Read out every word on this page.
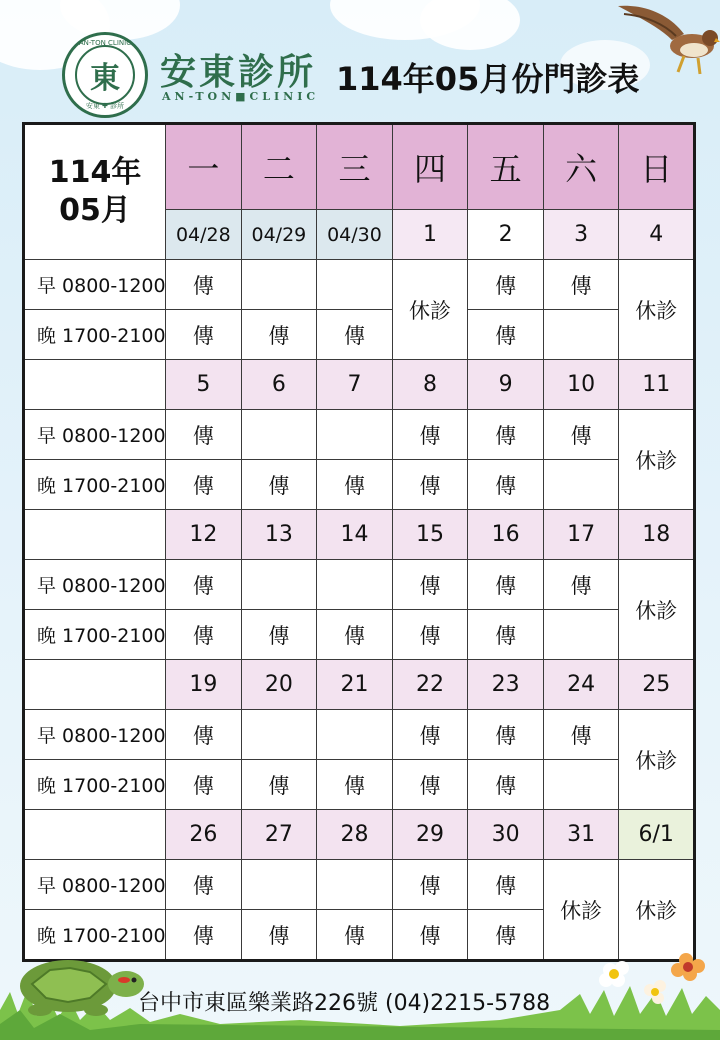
AN-TON CLINIC
東
安東 ✚ 診所
安東診所
AN-TON■CLINIC 114年05月份門診表
114年
05月	一	二	三	四	五	六	日
	04/28	04/29	04/30	1	2	3	4
早 0800-1200	傳			休診	傳	傳	休診
晚 1700-2100	傳	傳	傳		傳		
	5	6	7	8	9	10	11
早 0800-1200	傳			傳	傳	傳	休診
晚 1700-2100	傳	傳	傳	傳	傳		
	12	13	14	15	16	17	18
早 0800-1200	傳			傳	傳	傳	休診
晚 1700-2100	傳	傳	傳	傳	傳		
	19	20	21	22	23	24	25
早 0800-1200	傳			傳	傳	傳	休診
晚 1700-2100	傳	傳	傳	傳	傳		
	26	27	28	29	30	31	6/1
早 0800-1200	傳			傳	傳	休診	休診
晚 1700-2100	傳	傳	傳	傳	傳		
台中市東區樂業路226號 (04)2215-5788
